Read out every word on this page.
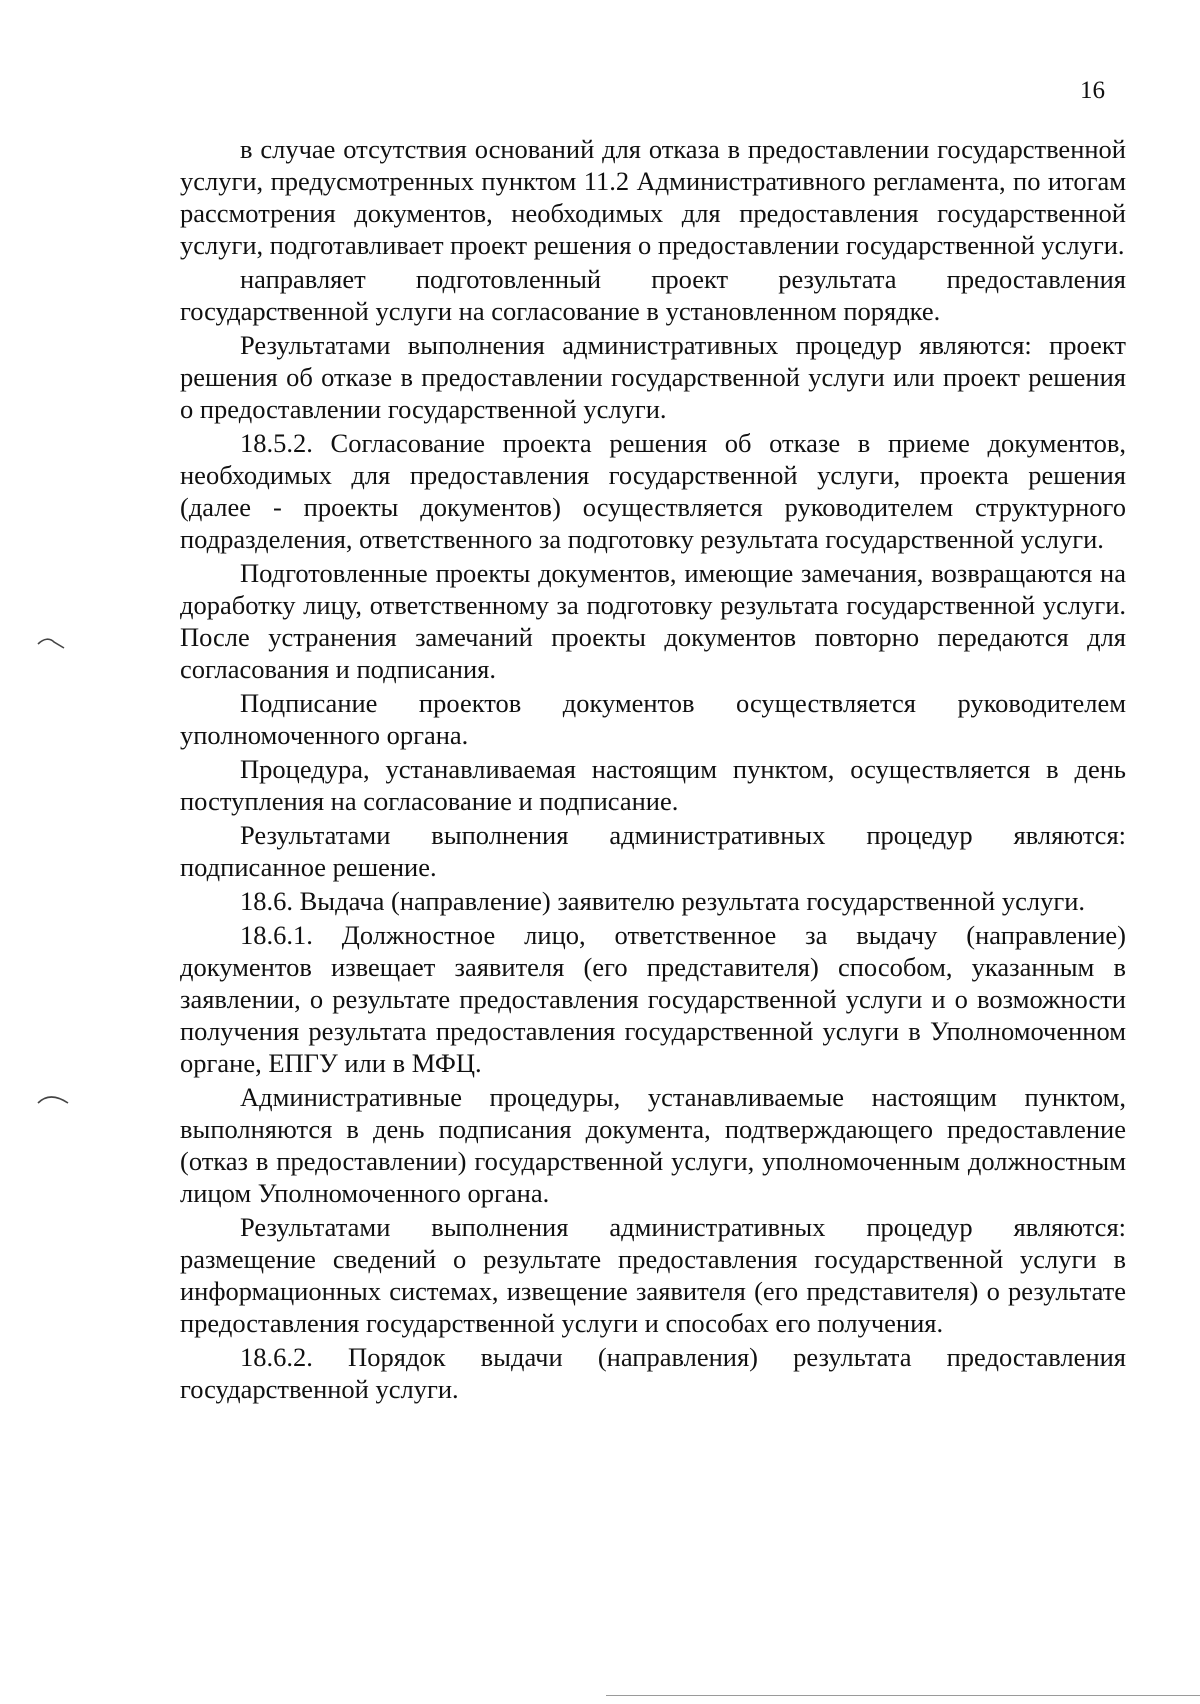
16

в случае отсутствия оснований для отказа в предоставлении государственной услуги, предусмотренных пунктом 11.2 Административного регламента, по итогам рассмотрения документов, необходимых для предоставления государственной услуги, подготавливает проект решения о предоставлении государственной услуги.

направляет подготовленный проект результата предоставления государственной услуги на согласование в установленном порядке.

Результатами выполнения административных процедур являются: проект решения об отказе в предоставлении государственной услуги или проект решения о предоставлении государственной услуги.

18.5.2. Согласование проекта решения об отказе в приеме документов, необходимых для предоставления государственной услуги, проекта решения (далее - проекты документов) осуществляется руководителем структурного подразделения, ответственного за подготовку результата государственной услуги.

Подготовленные проекты документов, имеющие замечания, возвращаются на доработку лицу, ответственному за подготовку результата государственной услуги. После устранения замечаний проекты документов повторно передаются для согласования и подписания.

Подписание проектов документов осуществляется руководителем уполномоченного органа.

Процедура, устанавливаемая настоящим пунктом, осуществляется в день поступления на согласование и подписание.

Результатами выполнения административных процедур являются: подписанное решение.

18.6. Выдача (направление) заявителю результата государственной услуги.

18.6.1. Должностное лицо, ответственное за выдачу (направление) документов извещает заявителя (его представителя) способом, указанным в заявлении, о результате предоставления государственной услуги и о возможности получения результата предоставления государственной услуги в Уполномоченном органе, ЕПГУ или в МФЦ.

Административные процедуры, устанавливаемые настоящим пунктом, выполняются в день подписания документа, подтверждающего предоставление (отказ в предоставлении) государственной услуги, уполномоченным должностным лицом Уполномоченного органа.

Результатами выполнения административных процедур являются: размещение сведений о результате предоставления государственной услуги в информационных системах, извещение заявителя (его представителя) о результате предоставления государственной услуги и способах его получения.

18.6.2. Порядок выдачи (направления) результата предоставления государственной услуги.
